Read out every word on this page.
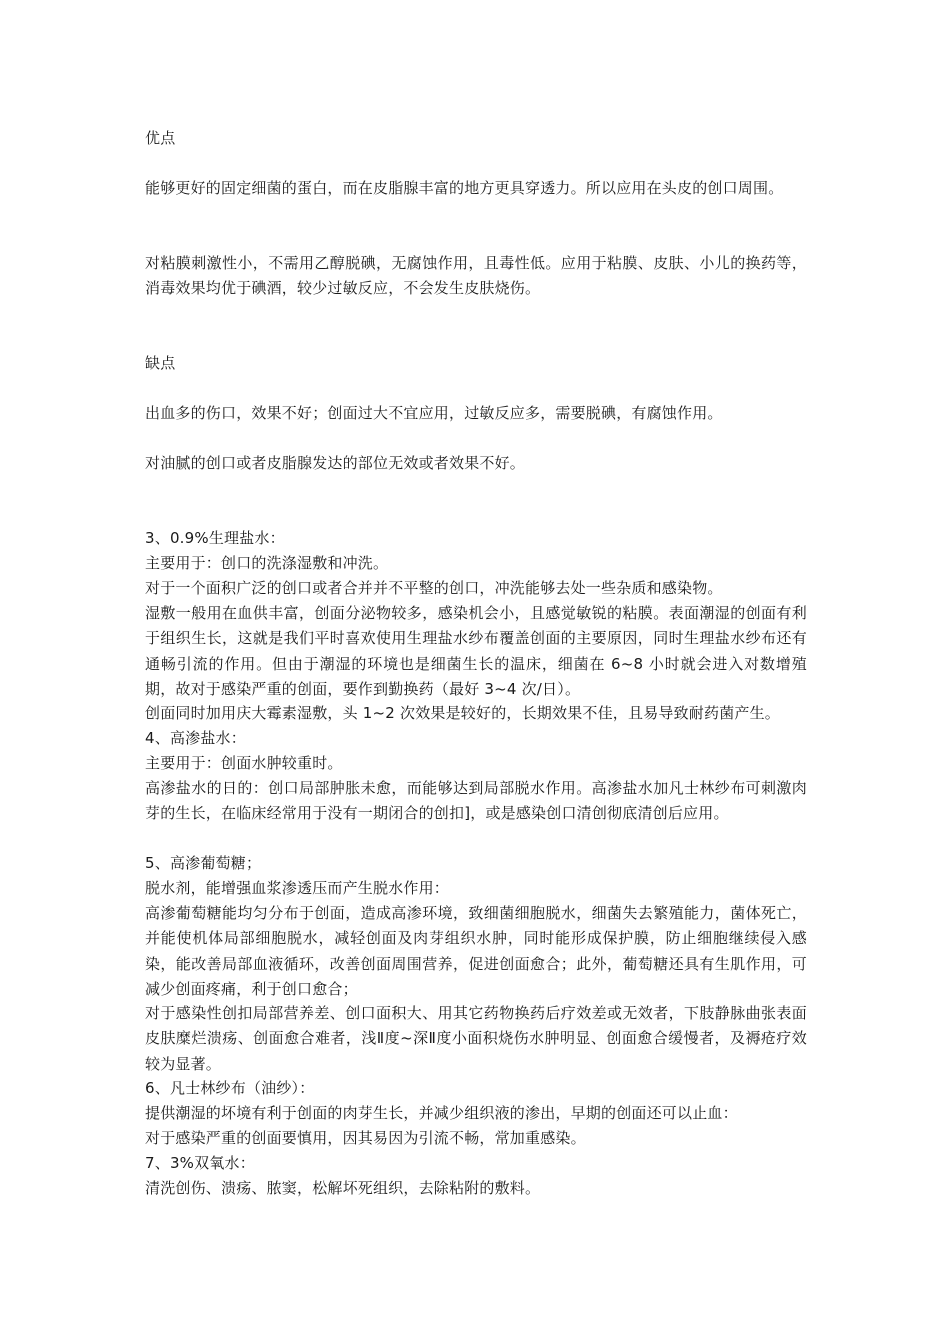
优点

能够更好的固定细菌的蛋白，而在皮脂腺丰富的地方更具穿透力。所以应用在头皮的创口周围。

对粘膜刺激性小，不需用乙醇脱碘，无腐蚀作用，且毒性低。应用于粘膜、皮肤、小儿的换药等，消毒效果均优于碘酒，较少过敏反应，不会发生皮肤烧伤。

缺点

出血多的伤口，效果不好；创面过大不宜应用，过敏反应多，需要脱碘，有腐蚀作用。

对油腻的创口或者皮脂腺发达的部位无效或者效果不好。

3、0.9%生理盐水：

主要用于：创口的洗涤湿敷和冲洗。

对于一个面积广泛的创口或者合并并不平整的创口，冲洗能够去处一些杂质和感染物。

湿敷一般用在血供丰富，创面分泌物较多，感染机会小，且感觉敏锐的粘膜。表面潮湿的创面有利于组织生长，这就是我们平时喜欢使用生理盐水纱布覆盖创面的主要原因，同时生理盐水纱布还有通畅引流的作用。但由于潮湿的环境也是细菌生长的温床，细菌在 6~8 小时就会进入对数增殖期，故对于感染严重的创面，要作到勤换药（最好 3~4 次/日）。

创面同时加用庆大霉素湿敷，头 1~2 次效果是较好的，长期效果不佳，且易导致耐药菌产生。

4、高渗盐水：

主要用于：创面水肿较重时。

高渗盐水的日的：创口局部肿胀未愈，而能够达到局部脱水作用。高渗盐水加凡士林纱布可刺激肉芽的生长，在临床经常用于没有一期闭合的创扣]，或是感染创口清创彻底清创后应用。

5、高渗葡萄糖；

脱水剂，能增强血浆渗透压而产生脱水作用：

高渗葡萄糖能均匀分布于创面，造成高渗环境，致细菌细胞脱水，细菌失去繁殖能力，菌体死亡，并能使机体局部细胞脱水，减轻创面及肉芽组织水肿，同时能形成保护膜，防止细胞继续侵入感染，能改善局部血液循环，改善创面周围营养，促进创面愈合；此外，葡萄糖还具有生肌作用，可减少创面疼痛，利于创口愈合；

对于感染性创扣局部营养差、创口面积大、用其它药物换药后疗效差或无效者，下肢静脉曲张表面皮肤糜烂溃疡、创面愈合难者，浅Ⅱ度~深Ⅱ度小面积烧伤水肿明显、创面愈合缓慢者，及褥疮疗效较为显著。

6、凡士林纱布（油纱）：

提供潮湿的坏境有利于创面的肉芽生长，并减少组织液的渗出，早期的创面还可以止血：

对于感染严重的创面要慎用，因其易因为引流不畅，常加重感染。

7、3%双氧水：

清洗创伤、溃疡、脓窦，松解坏死组织，去除粘附的敷料。
